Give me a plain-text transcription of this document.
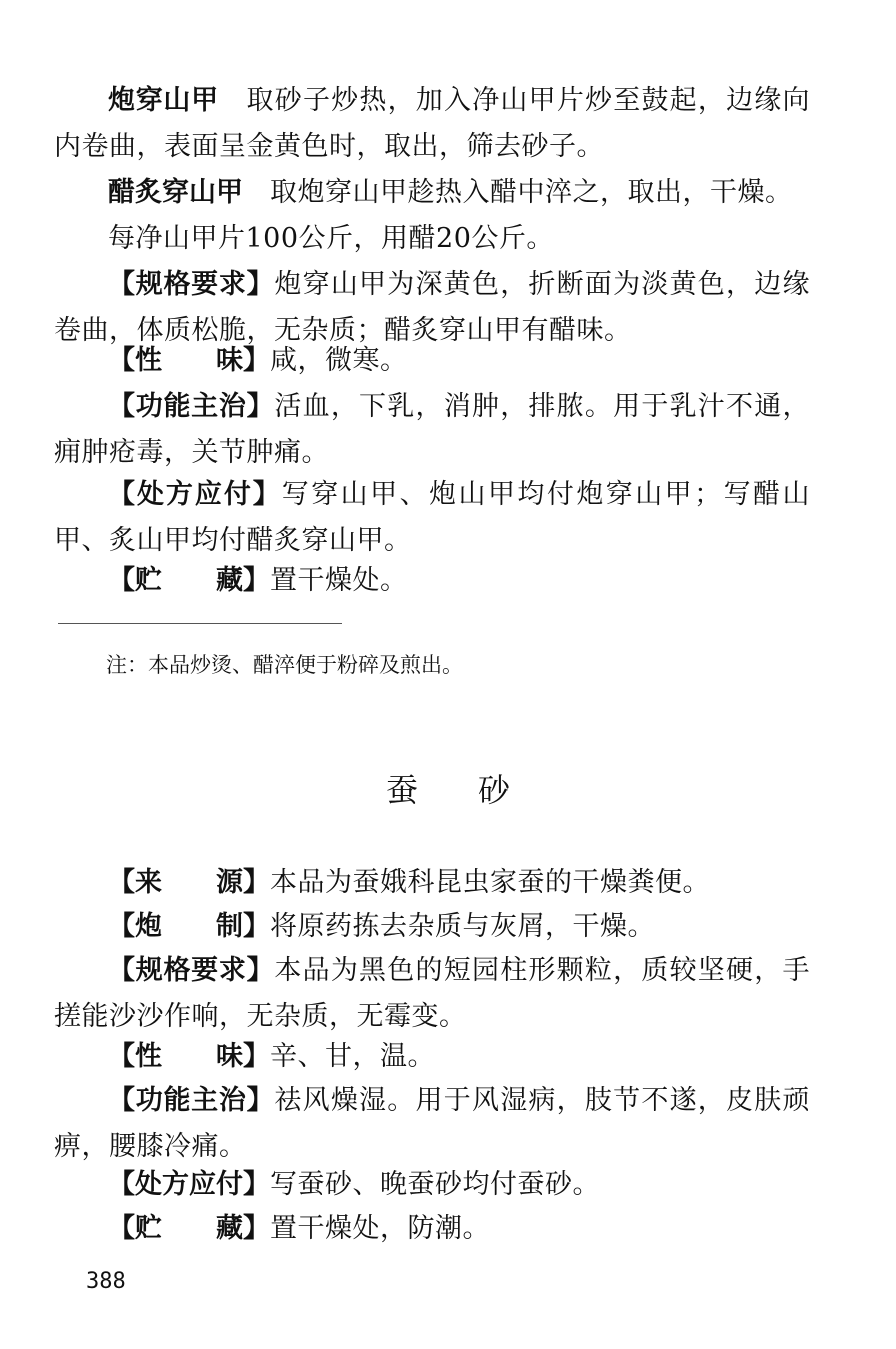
炮穿山甲 取砂子炒热，加入净山甲片炒至鼓起，边缘向内卷曲，表面呈金黄色时，取出，筛去砂子。

醋炙穿山甲 取炮穿山甲趁热入醋中淬之，取出，干燥。

每净山甲片100公斤，用醋20公斤。

【规格要求】炮穿山甲为深黄色，折断面为淡黄色，边缘卷曲，体质松脆，无杂质；醋炙穿山甲有醋味。

【性 味】咸，微寒。

【功能主治】活血，下乳，消肿，排脓。用于乳汁不通，痈肿疮毒，关节肿痛。

【处方应付】写穿山甲、炮山甲均付炮穿山甲；写醋山甲、炙山甲均付醋炙穿山甲。

【贮 藏】置干燥处。

注：本品炒烫、醋淬便于粉碎及煎出。

蚕砂

【来 源】本品为蚕娥科昆虫家蚕的干燥粪便。

【炮 制】将原药拣去杂质与灰屑，干燥。

【规格要求】本品为黑色的短园柱形颗粒，质较坚硬，手搓能沙沙作响，无杂质，无霉变。

【性 味】辛、甘，温。

【功能主治】祛风燥湿。用于风湿病，肢节不遂，皮肤顽痹，腰膝冷痛。

【处方应付】写蚕砂、晚蚕砂均付蚕砂。

【贮 藏】置干燥处，防潮。

388
